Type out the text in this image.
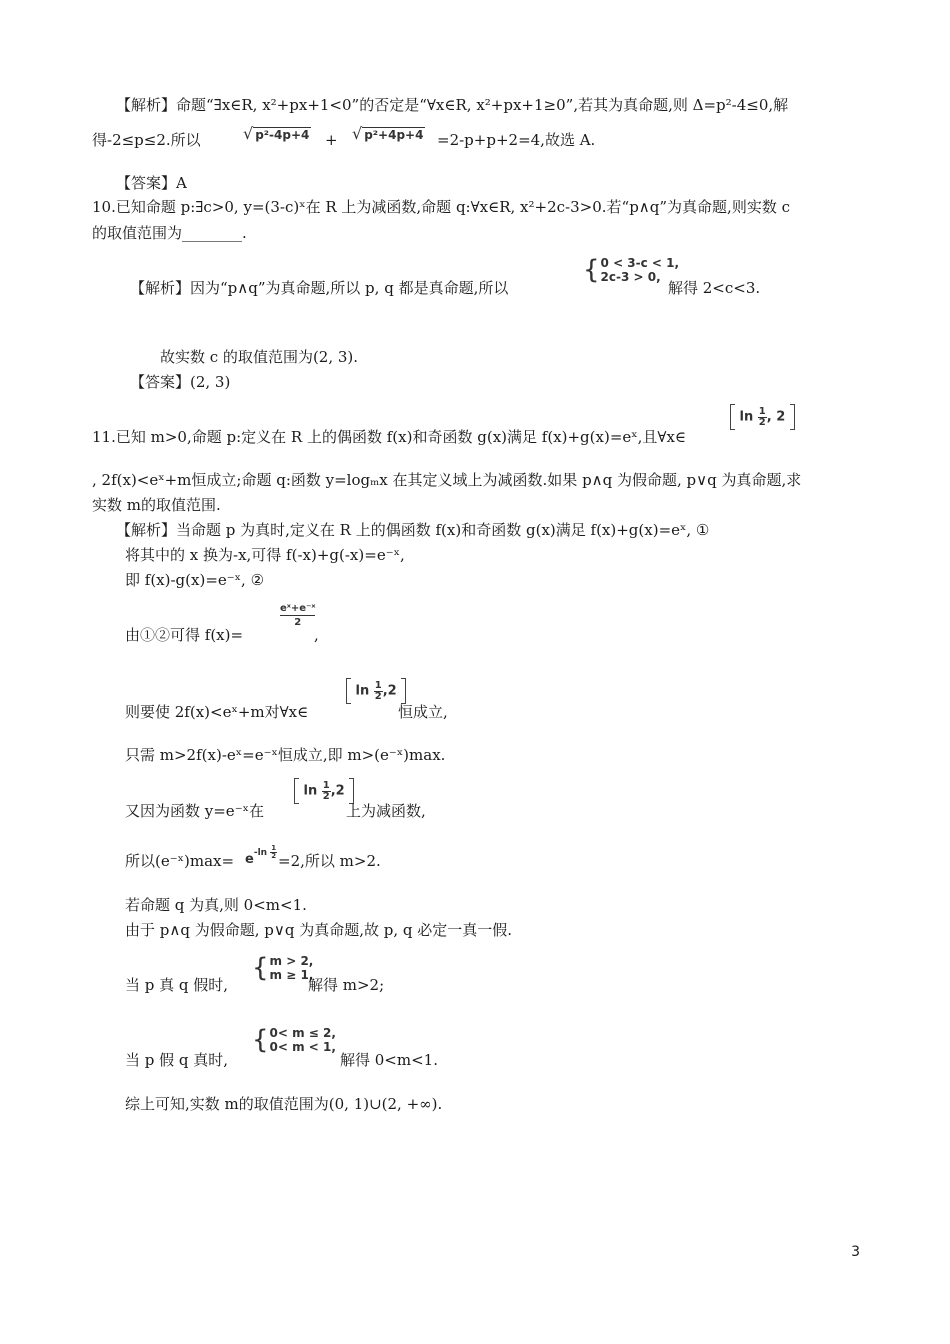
【解析】命题“∃x∈R, x²+px+1<0”的否定是“∀x∈R, x²+px+1≥0”,若其为真命题,则 Δ=p²-4≤0,解
得-2≤p≤2.所以	√ p²-4p+4 + √ p²+4p+4 =2-p+p+2=4,故选 A.
【答案】A
10.已知命题 p:∃c>0, y=(3-c)ˣ在 R 上为减函数,命题 q:∀x∈R, x²+2c-3>0.若“p∧q”为真命题,则实数 c
的取值范围为________.
【解析】因为“p∧q”为真命题,所以 p, q 都是真命题,所以
{ 0 < 3-c < 1,
2c-3 > 0,
解得 2<c<3.
故实数 c 的取值范围为(2, 3).
【答案】(2, 3)
11.已知 m>0,命题 p:定义在 R 上的偶函数 f(x)和奇函数 g(x)满足 f(x)+g(x)=eˣ,且∀x∈
$\ln \frac{1}{2}$ , 2
, 2f(x)<eˣ+m恒成立;命题 q:函数 y=logₘx 在其定义域上为减函数.如果 p∧q 为假命题, p∨q 为真命题,求
实数 m的取值范围.
【解析】当命题 p 为真时,定义在 R 上的偶函数 f(x)和奇函数 g(x)满足 f(x)+g(x)=eˣ, ①
将其中的 x 换为-x,可得 f(-x)+g(-x)=e⁻ˣ,
即 f(x)-g(x)=e⁻ˣ, ②
由①②可得 f(x)=
eˣ+e⁻ˣ
2
,
则要使 2f(x)<eˣ+m对∀x∈
$\ln \frac{1}{2} ,2$
恒成立,
只需 m>2f(x)-eˣ=e⁻ˣ恒成立,即 m>(e⁻ˣ)max.
又因为函数 y=e⁻ˣ在
$\ln \frac{1}{2} ,2$
上为减函数,
所以(e⁻ˣ)max= $e^{-ln \frac{1}{2}} =2$,所以 m>2.
若命题 q 为真,则 0<m<1.
由于 p∧q 为假命题, p∨q 为真命题,故 p, q 必定一真一假.
当 p 真 q 假时,
{ m > 2,
m ≥ 1,
解得 m>2;
当 p 假 q 真时,
{ 0< m ≤ 2,
0< m < 1,
解得 0<m<1.
综上可知,实数 m的取值范围为(0, 1)∪(2, +∞).
3
